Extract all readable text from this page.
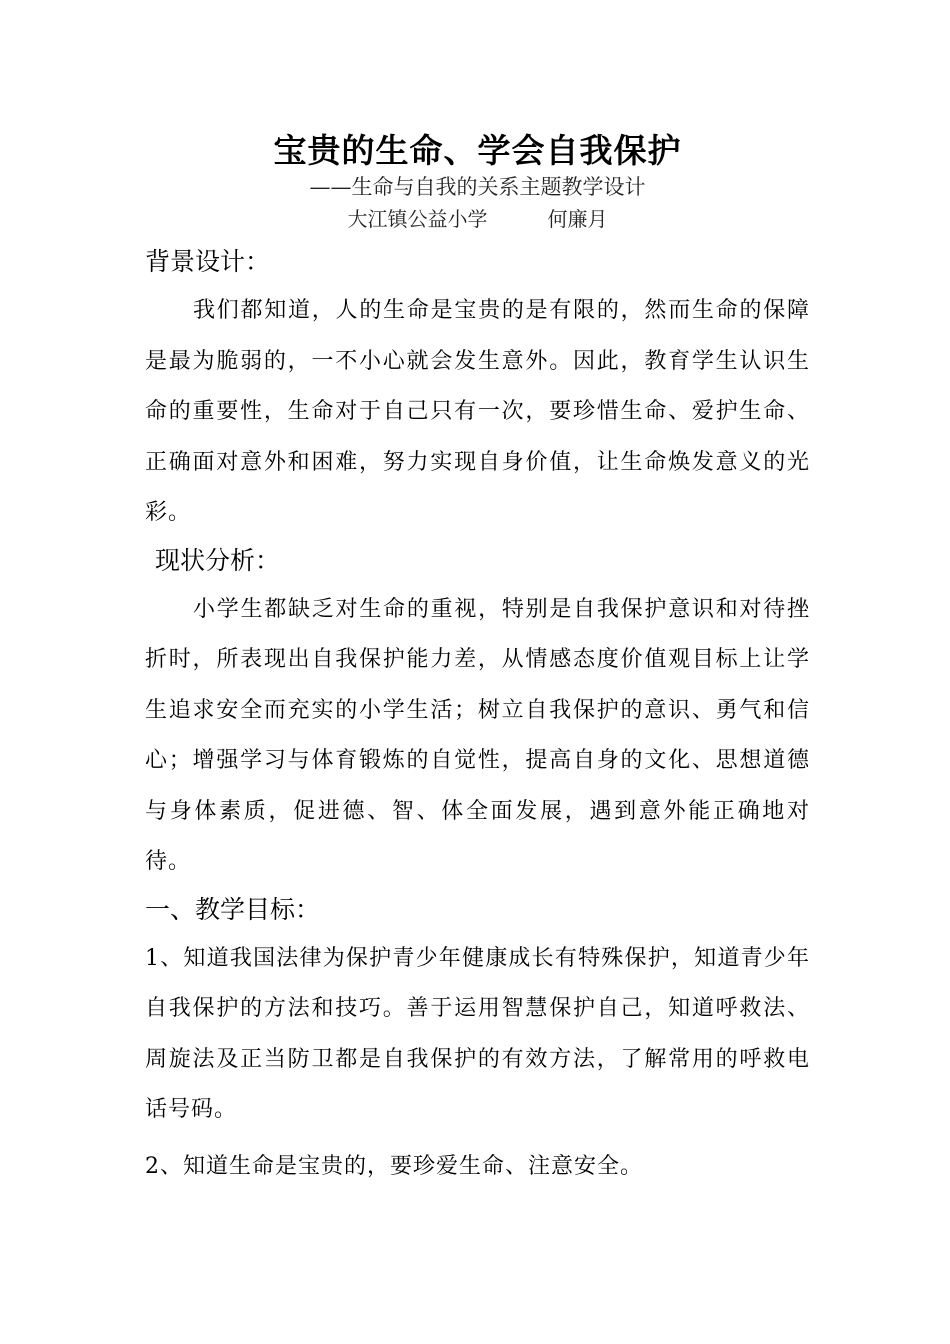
宝贵的生命、学会自我保护

——生命与自我的关系主题教学设计

大江镇公益小学	何廉月

背景设计：

我们都知道，人的生命是宝贵的是有限的，然而生命的保障是最为脆弱的，一不小心就会发生意外。因此，教育学生认识生命的重要性，生命对于自己只有一次，要珍惜生命、爱护生命、正确面对意外和困难，努力实现自身价值，让生命焕发意义的光彩。

现状分析：

小学生都缺乏对生命的重视，特别是自我保护意识和对待挫折时，所表现出自我保护能力差，从情感态度价值观目标上让学生追求安全而充实的小学生活；树立自我保护的意识、勇气和信心；增强学习与体育锻炼的自觉性，提高自身的文化、思想道德与身体素质，促进德、智、体全面发展，遇到意外能正确地对待。

一、教学目标：

1、知道我国法律为保护青少年健康成长有特殊保护，知道青少年自我保护的方法和技巧。善于运用智慧保护自己，知道呼救法、周旋法及正当防卫都是自我保护的有效方法，了解常用的呼救电话号码。

2、知道生命是宝贵的，要珍爱生命、注意安全。
